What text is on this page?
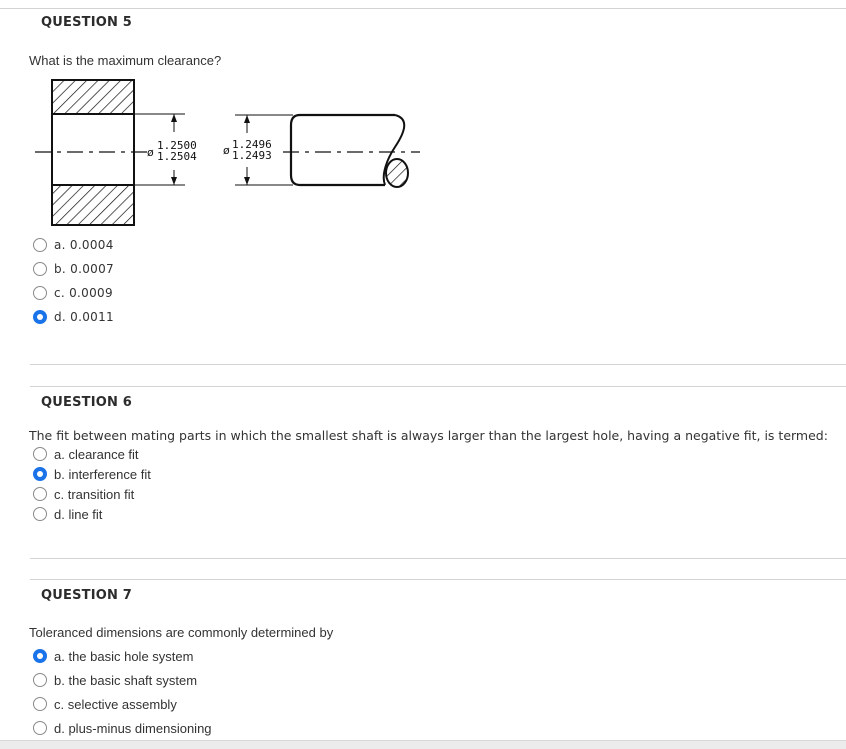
QUESTION 5
What is the maximum clearance?
ø
1.2500
1.2504 ø 1.2496
1.2493
a. 0.0004
b. 0.0007
c. 0.0009
d. 0.0011
QUESTION 6
The fit between mating parts in which the smallest shaft is always larger than the largest hole, having a negative fit, is termed:
a. clearance fit
b. interference fit
c. transition fit
d. line fit
QUESTION 7
Toleranced dimensions are commonly determined by
a. the basic hole system
b. the basic shaft system
c. selective assembly
d. plus-minus dimensioning
